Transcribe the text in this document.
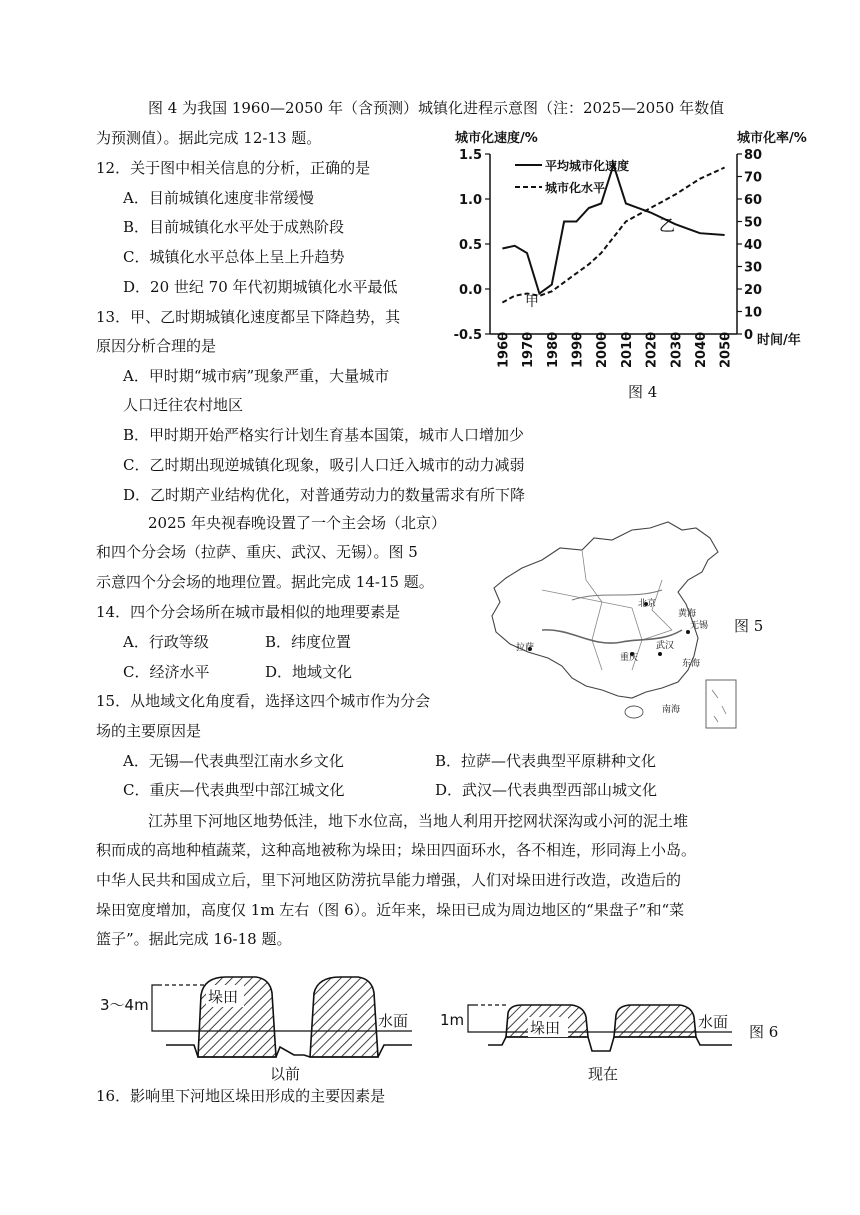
图 4 为我国 1960—2050 年（含预测）城镇化进程示意图（注：2025—2050 年数值
为预测值）。据此完成 12-13 题。
12．关于图中相关信息的分析，正确的是
A．目前城镇化速度非常缓慢
B．目前城镇化水平处于成熟阶段
C．城镇化水平总体上呈上升趋势
D．20 世纪 70 年代初期城镇化水平最低
13．甲、乙时期城镇化速度都呈下降趋势，其
原因分析合理的是
A．甲时期“城市病”现象严重，大量城市
人口迁往农村地区
B．甲时期开始严格实行计划生育基本国策，城市人口增加少
C．乙时期出现逆城镇化现象，吸引人口迁入城市的动力减弱
D．乙时期产业结构优化，对普通劳动力的数量需求有所下降
城市化速度/%	城市化率/%
1.5
1.0
0.5
0.0
-0.5
80
70
60
50
40
30
20
10
0
1960 1970 1980 1990 2000 2010 2020 2030 2040 2050
平均城市化速度
城市化水平
甲
乙
时间/年
图 4
2025 年央视春晚设置了一个主会场（北京）
和四个分会场（拉萨、重庆、武汉、无锡）。图 5
示意四个分会场的地理位置。据此完成 14-15 题。
北京
拉萨
重庆
武汉
无锡
黄海
东海
南海
图 5
14．四个分会场所在城市最相似的地理要素是
A．行政等级	B．纬度位置
C．经济水平	D．地域文化
15．从地域文化角度看，选择这四个城市作为分会
场的主要原因是
A．无锡—代表典型江南水乡文化	B．拉萨—代表典型平原耕种文化
C．重庆—代表典型中部江城文化	D．武汉—代表典型西部山城文化
江苏里下河地区地势低洼，地下水位高，当地人利用开挖网状深沟或小河的泥土堆
积而成的高地种植蔬菜，这种高地被称为垛田；垛田四面环水，各不相连，形同海上小岛。
中华人民共和国成立后，里下河地区防涝抗旱能力增强，人们对垛田进行改造，改造后的
垛田宽度增加，高度仅 1m 左右（图 6）。近年来，垛田已成为周边地区的“果盘子”和“菜
篮子”。据此完成 16-18 题。
3～4m	垛田
水面
以前
1m	垛田	水面
现在
图 6
16．影响里下河地区垛田形成的主要因素是
